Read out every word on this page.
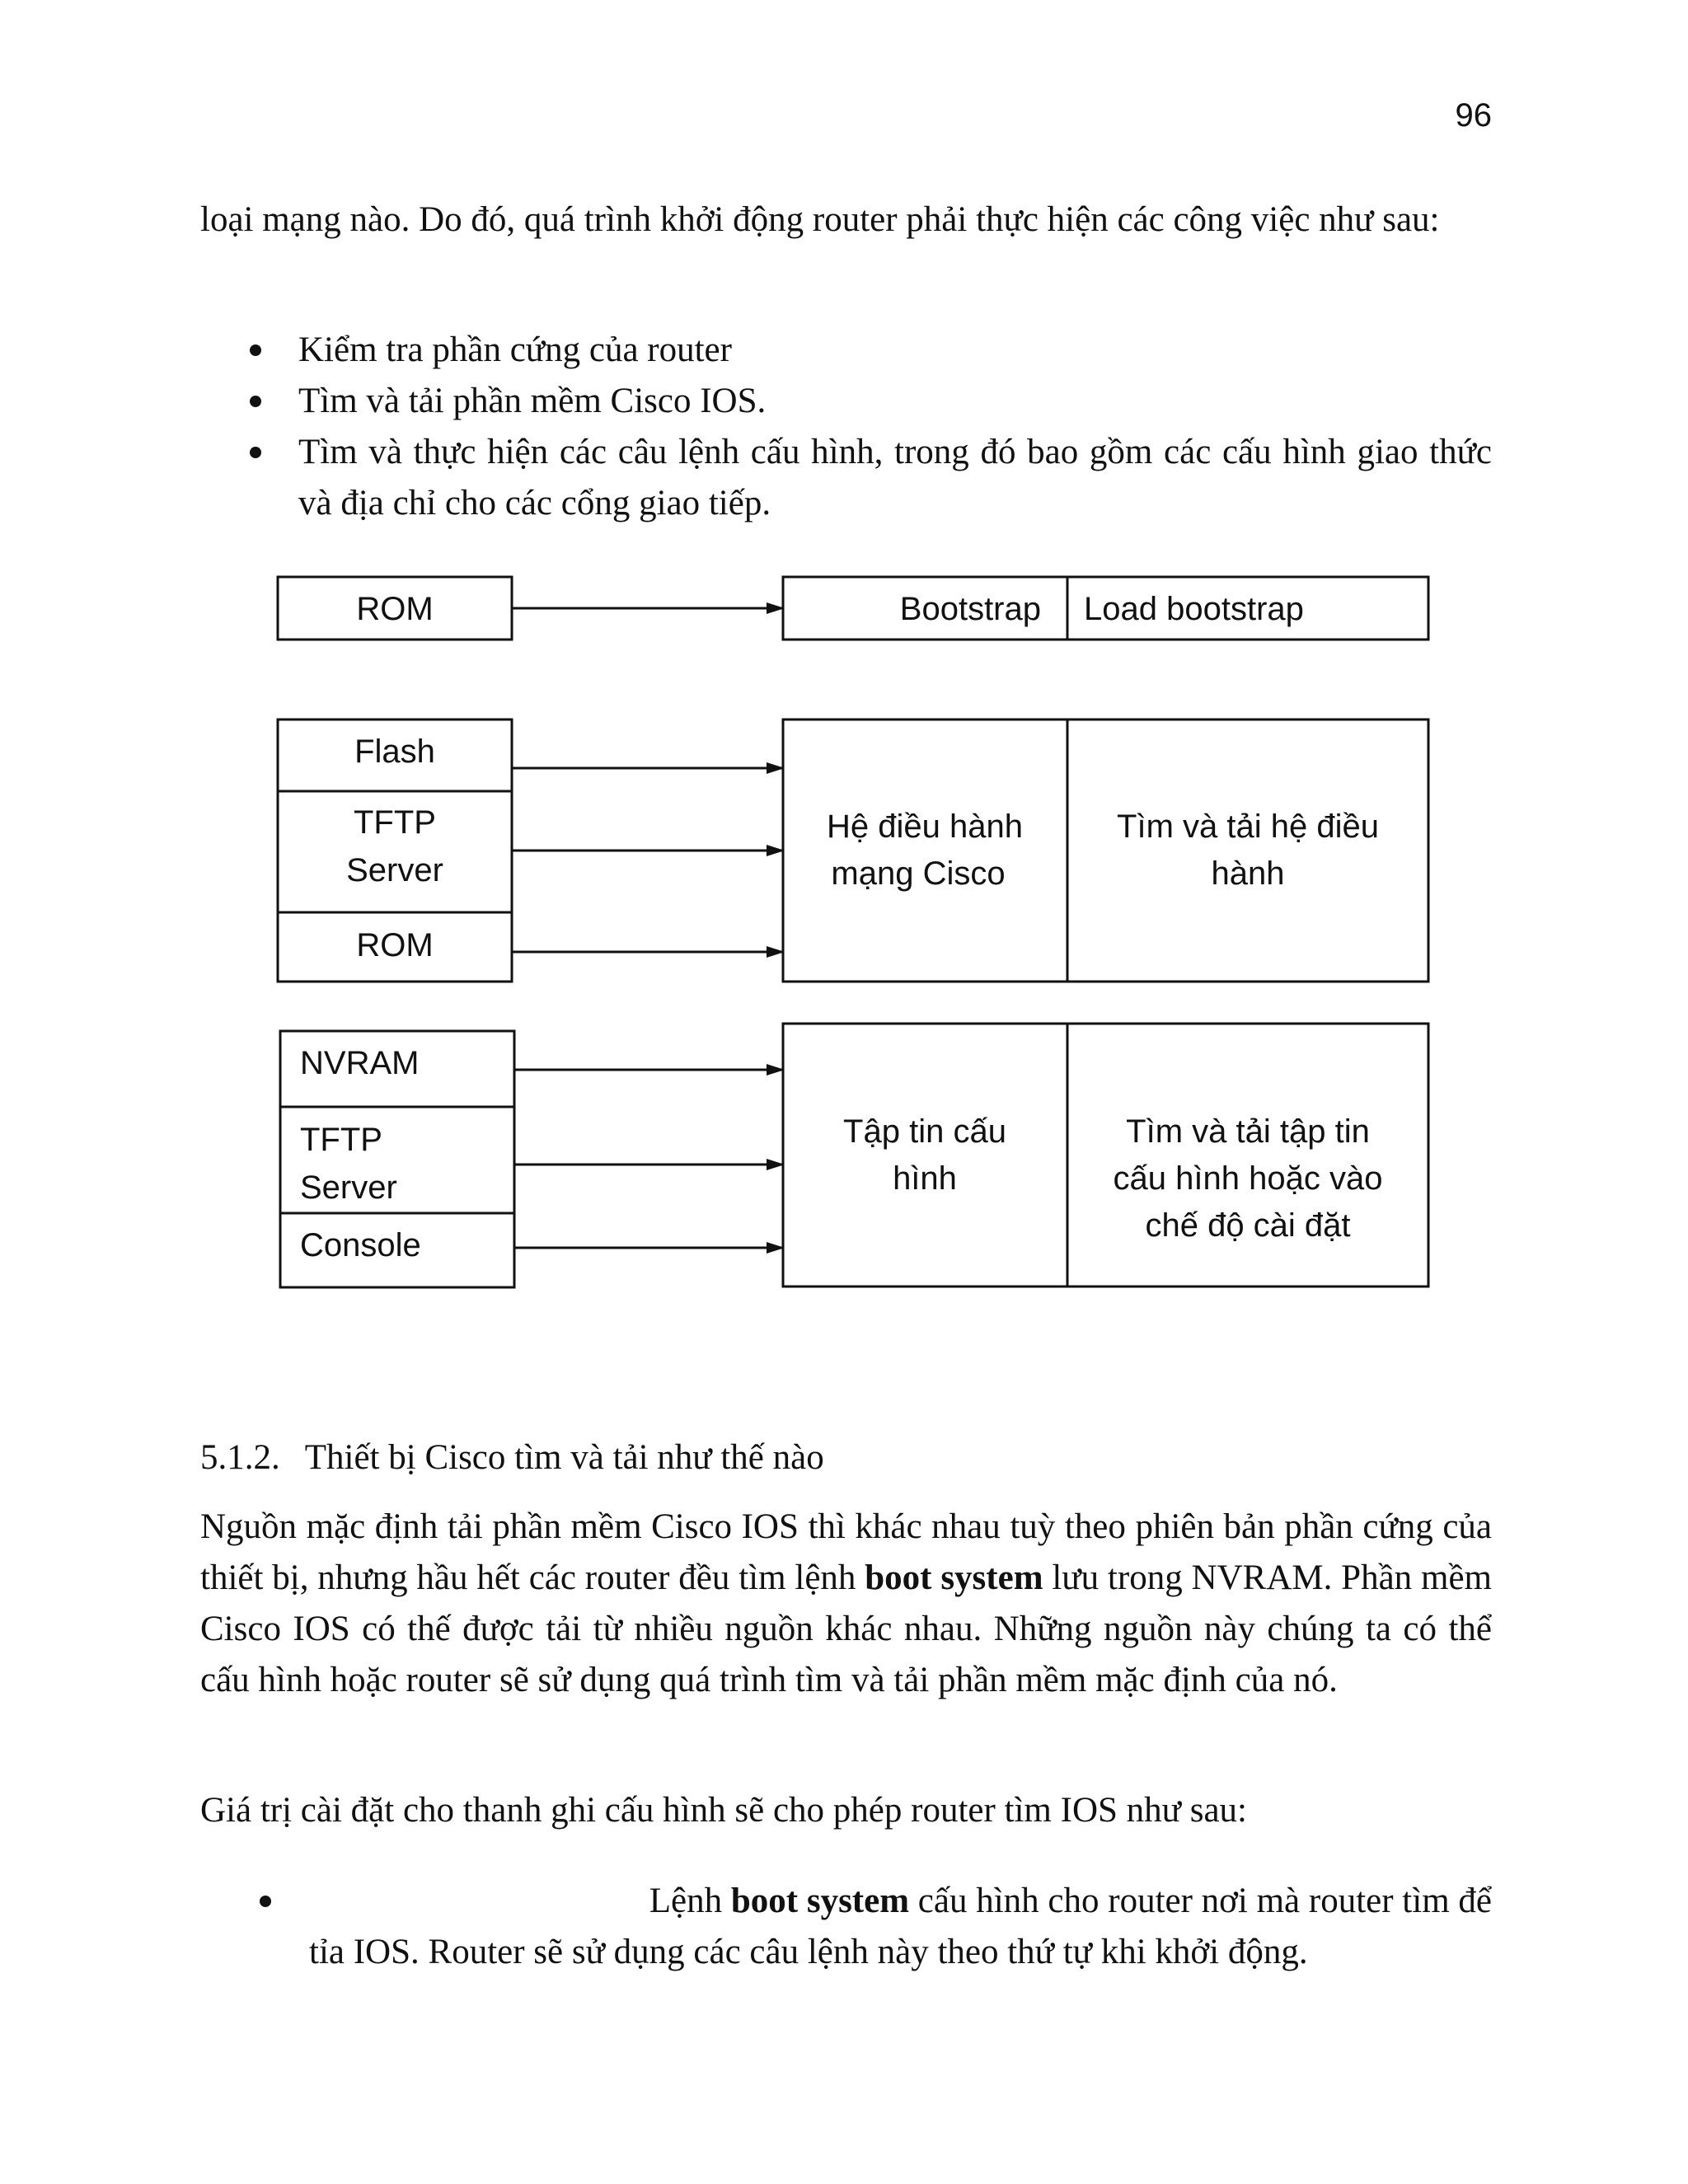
96

loại mạng nào. Do đó, quá trình khởi động router phải thực hiện các công việc như sau:

Kiểm tra phần cứng của router
Tìm và tải phần mềm Cisco IOS.
Tìm và thực hiện các câu lệnh cấu hình, trong đó bao gồm các cấu hình giao thức và địa chỉ cho các cổng giao tiếp.
ROM	Bootstrap Load bootstrap
Flash
TFTP
Server
ROM
Hệ điều hành
mạng Cisco
Tìm và tải hệ điều
hành
NVRAM
TFTP
Server
Console
Tập tin cấu
hình
Tìm và tải tập tin
cấu hình hoặc vào
chế độ cài đặt
5.1.2. Thiết bị Cisco tìm và tải như thế nào

Nguồn mặc định tải phần mềm Cisco IOS thì khác nhau tuỳ theo phiên bản phần cứng của thiết bị, nhưng hầu hết các router đều tìm lệnh boot system lưu trong NVRAM. Phần mềm Cisco IOS có thế được tải từ nhiều nguồn khác nhau. Những nguồn này chúng ta có thể cấu hình hoặc router sẽ sử dụng quá trình tìm và tải phần mềm mặc định của nó.

Giá trị cài đặt cho thanh ghi cấu hình sẽ cho phép router tìm IOS như sau:

Lệnh boot system cấu hình cho router nơi mà router tìm để
tỉa IOS. Router sẽ sử dụng các câu lệnh này theo thứ tự khi khởi động.
